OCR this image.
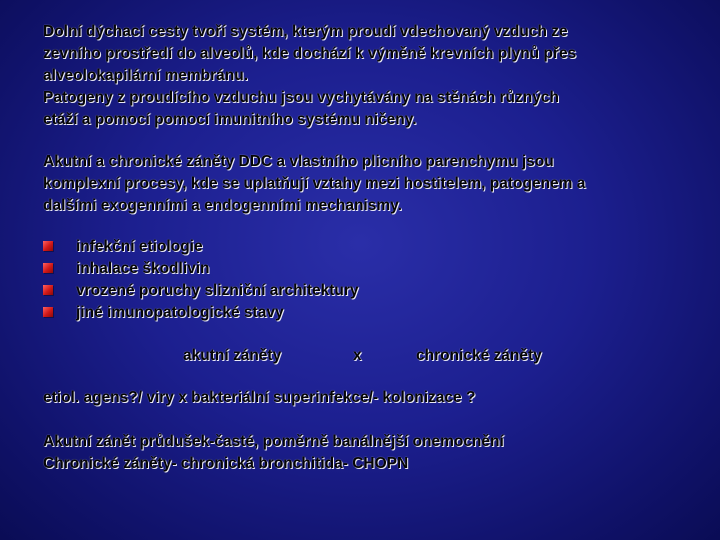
Dolní dýchací cesty tvoří systém, kterým proudí vdechovaný vzduch ze
zevního prostředí do alveolů, kde dochází k výměně krevních plynů přes
alveolokapilární membránu.
Patogeny z proudícího vzduchu jsou vychytávány na stěnách různých
etáží a pomocí pomocí imunitního systému ničeny.
Akutní a chronické záněty DDC a vlastního plicního parenchymu jsou
komplexní procesy, kde se uplatňují vztahy mezi hostitelem, patogenem a
dalšími exogenními a endogenními mechanismy.
infekční etiologie
inhalace škodlivin
vrozené poruchy slizniční architektury
jiné imunopatologické stavy
akutní záněty	x	chronické záněty
etiol. agens?/ viry x bakteriální superinfekce/- kolonizace ?
Akutní zánět průdušek-časté, poměrně banálnější onemocnění
Chronické záněty- chronická bronchitida- CHOPN
